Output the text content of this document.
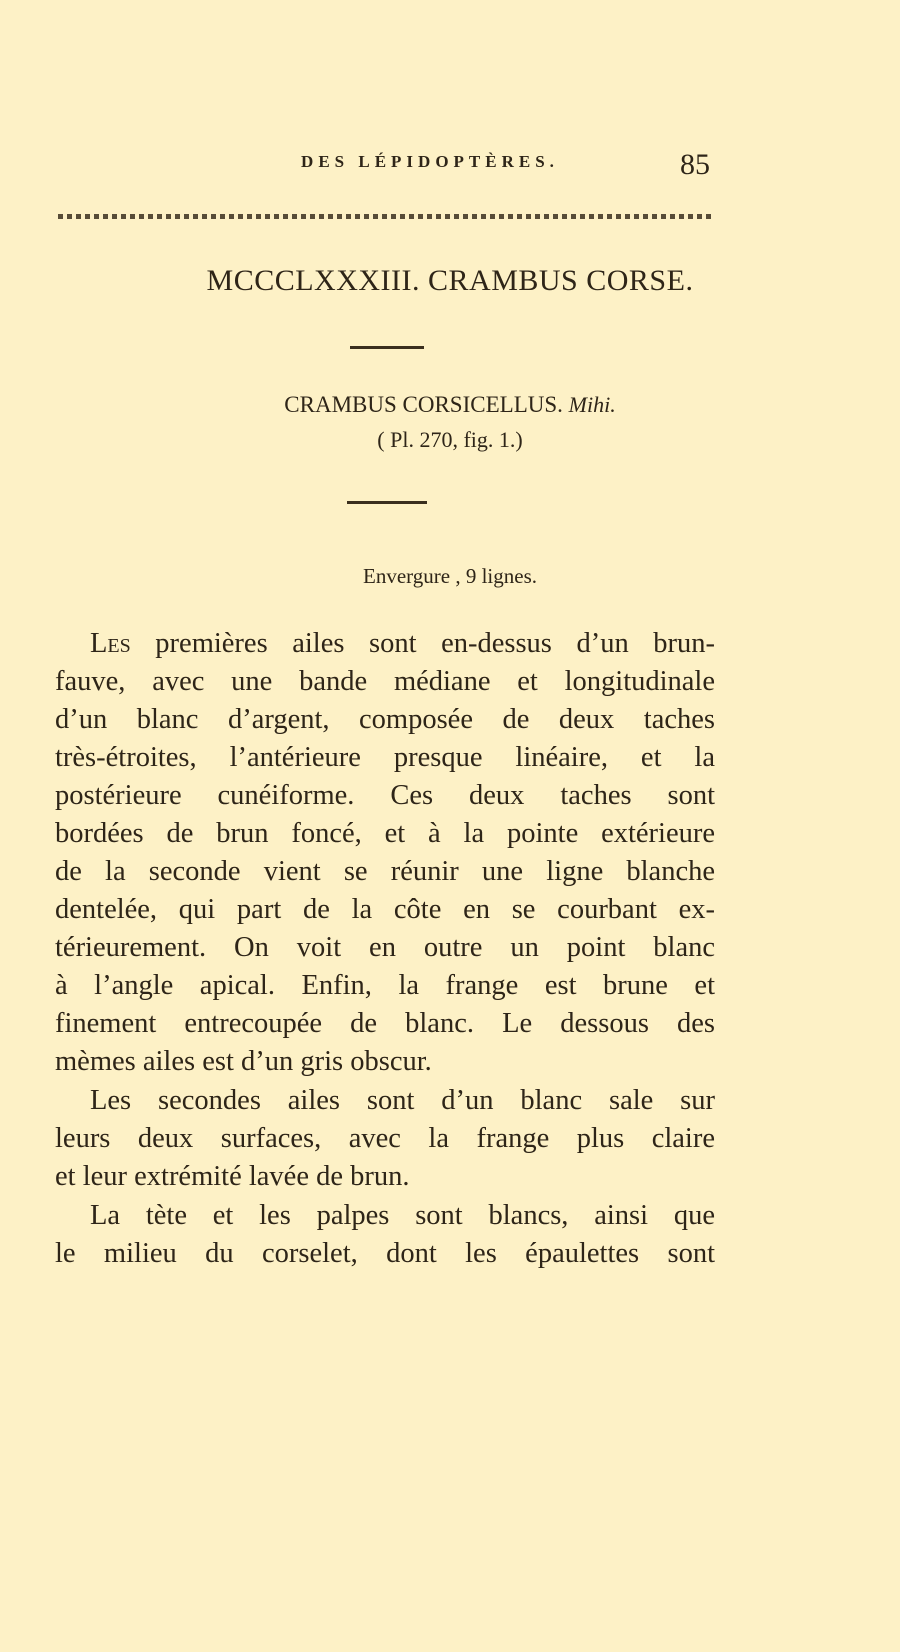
DES LÉPIDOPTÈRES.	85
MCCCLXXXIII. CRAMBUS CORSE.
CRAMBUS CORSICELLUS. Mihi.
( Pl. 270, fig. 1.)
Envergure , 9 lignes.
Les premières ailes sont en-dessus d’un brun-
fauve, avec une bande médiane et longitudinale
d’un blanc d’argent, composée de deux taches
très-étroites, l’antérieure presque linéaire, et la
postérieure cunéiforme. Ces deux taches sont
bordées de brun foncé, et à la pointe extérieure
de la seconde vient se réunir une ligne blanche
dentelée, qui part de la côte en se courbant ex-
térieurement. On voit en outre un point blanc
à l’angle apical. Enfin, la frange est brune et
finement entrecoupée de blanc. Le dessous des
mèmes ailes est d’un gris obscur.
Les secondes ailes sont d’un blanc sale sur
leurs deux surfaces, avec la frange plus claire
et leur extrémité lavée de brun.
La tète et les palpes sont blancs, ainsi que
le milieu du corselet, dont les épaulettes sont
